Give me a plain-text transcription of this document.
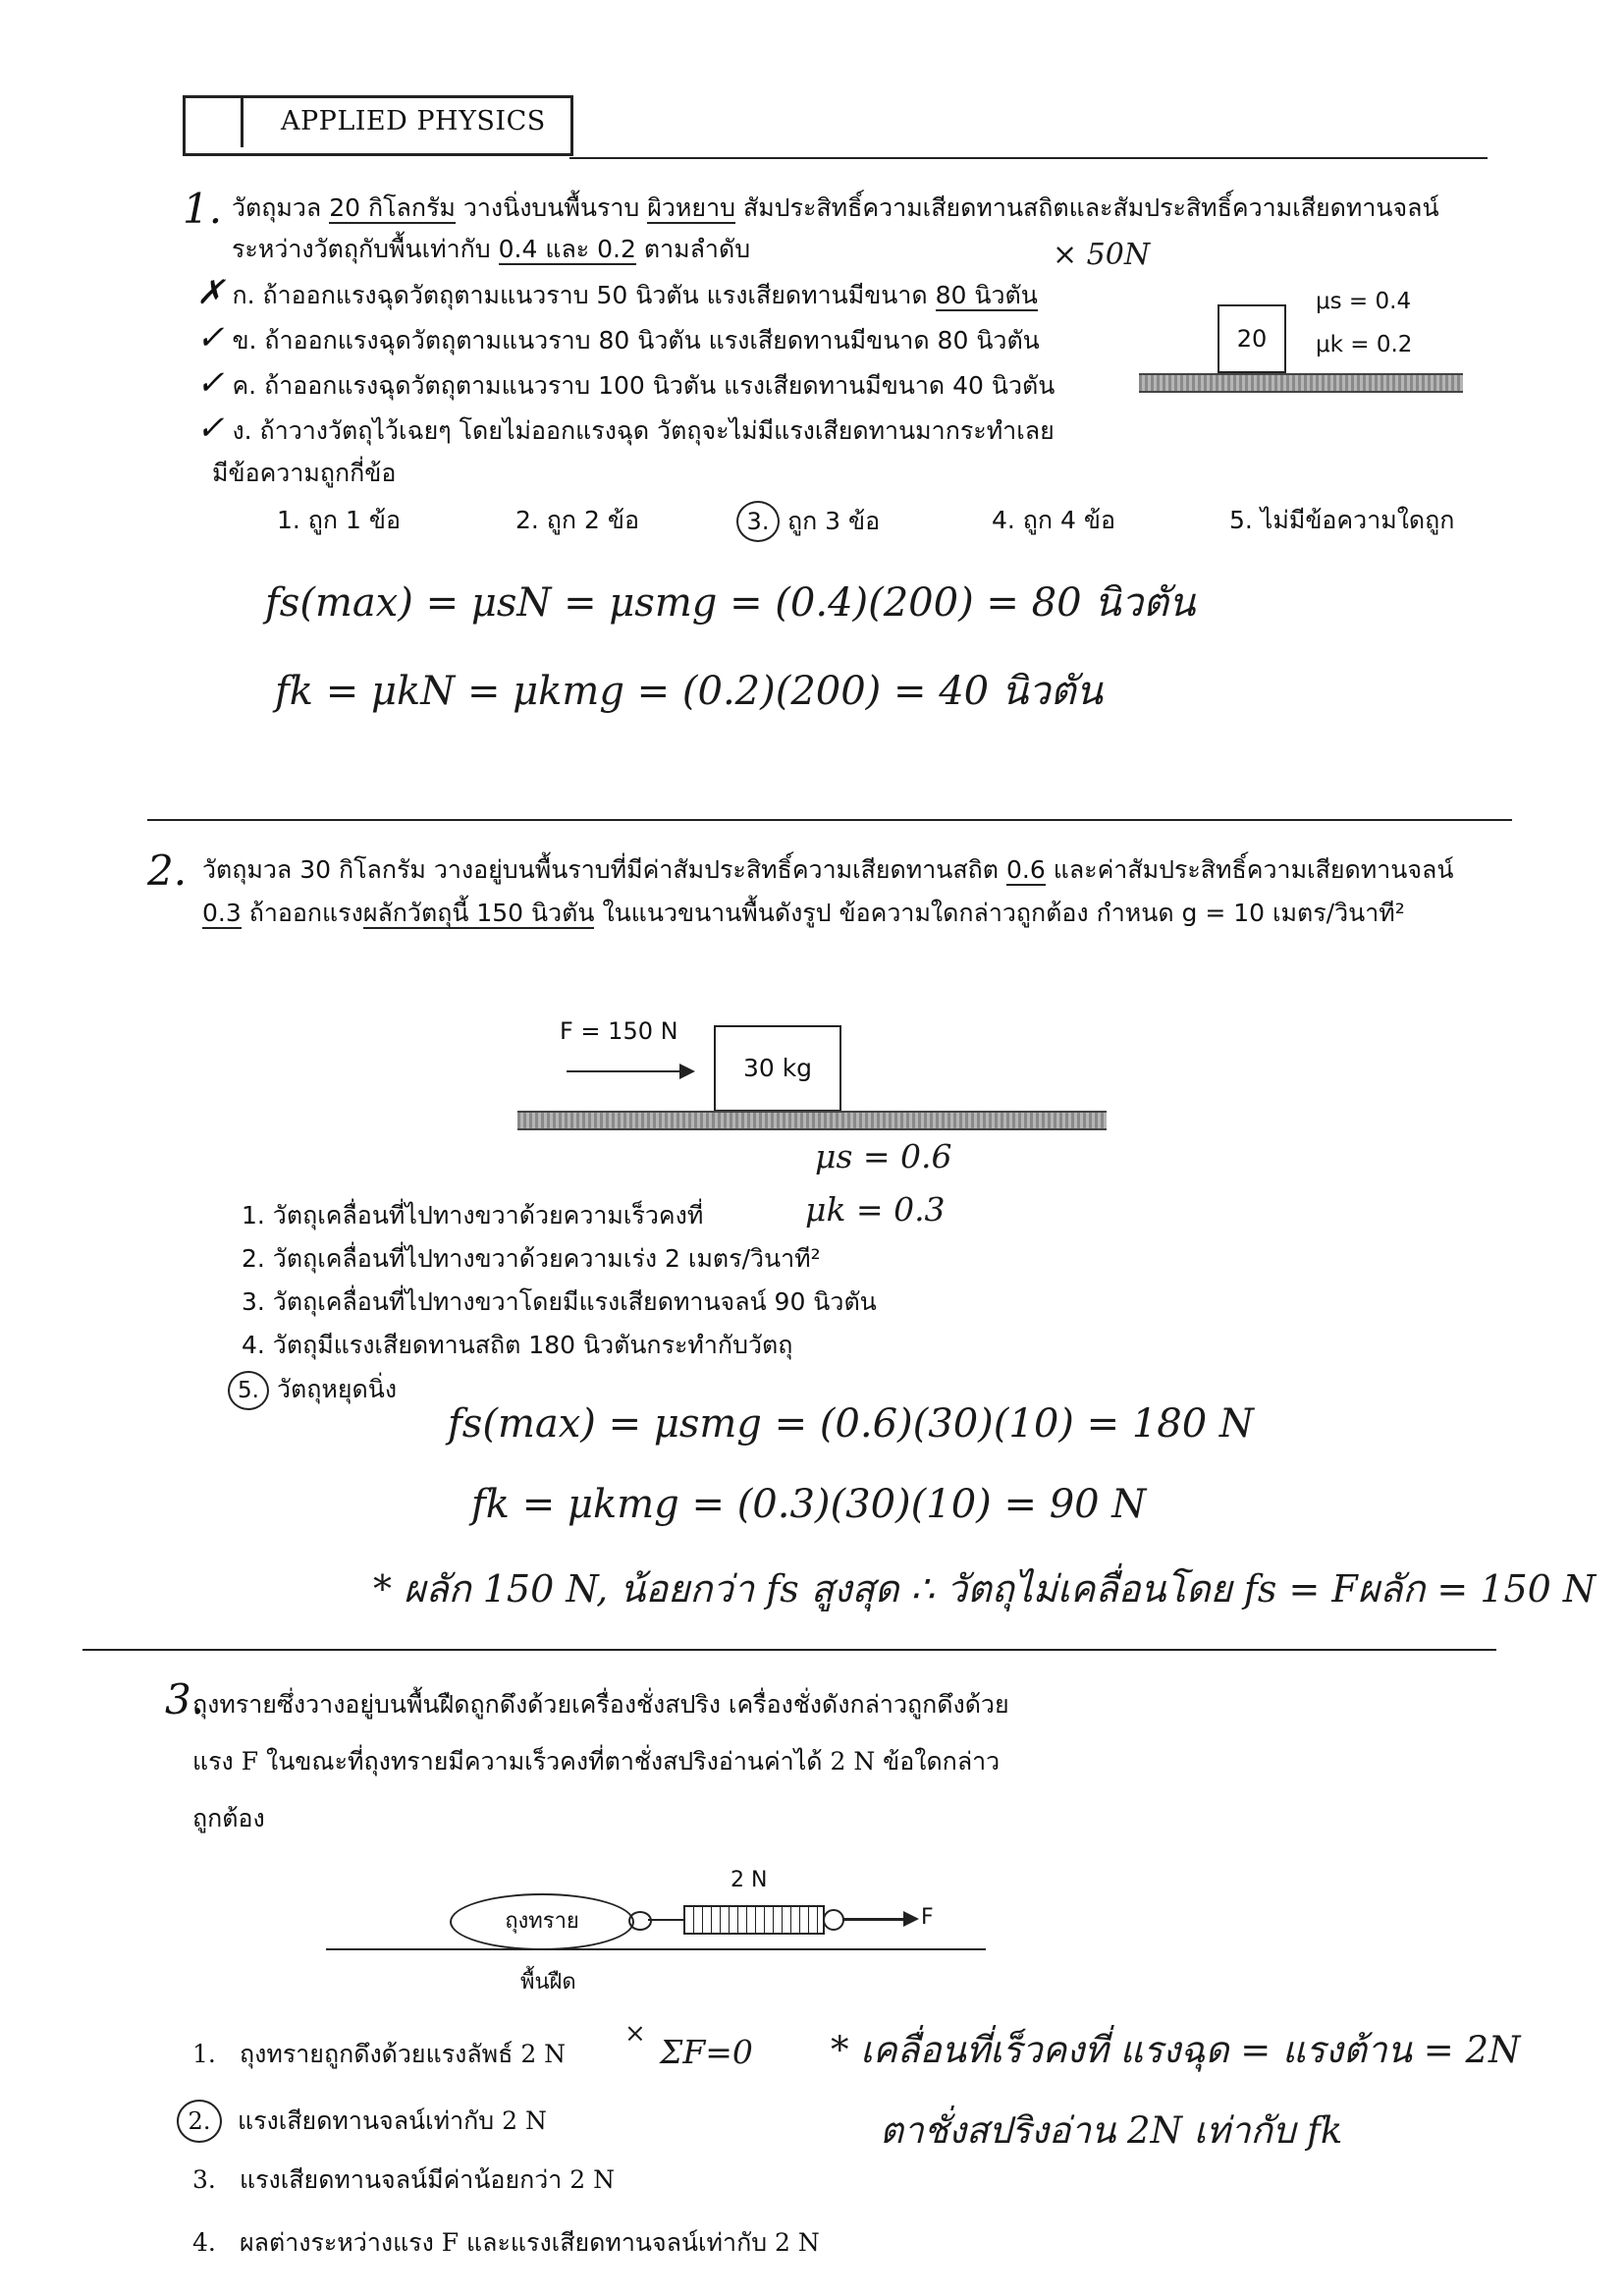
APPLIED PHYSICS
1. วัตถุมวล 20 กิโลกรัม วางนิ่งบนพื้นราบ ผิวหยาบ สัมประสิทธิ์ความเสียดทานสถิตและสัมประสิทธิ์ความเสียดทานจลน์
ระหว่างวัตถุกับพื้นเท่ากับ 0.4 และ 0.2 ตามลำดับ	× 50N
✗ ก. ถ้าออกแรงฉุดวัตถุตามแนวราบ 50 นิวตัน แรงเสียดทานมีขนาด 80 นิวตัน
✓ ข. ถ้าออกแรงฉุดวัตถุตามแนวราบ 80 นิวตัน แรงเสียดทานมีขนาด 80 นิวตัน
✓ ค. ถ้าออกแรงฉุดวัตถุตามแนวราบ 100 นิวตัน แรงเสียดทานมีขนาด 40 นิวตัน
✓ ง. ถ้าวางวัตถุไว้เฉยๆ โดยไม่ออกแรงฉุด วัตถุจะไม่มีแรงเสียดทานมากระทำเลย
มีข้อความถูกกี่ข้อ
1. ถูก 1 ข้อ	2. ถูก 2 ข้อ	3. ถูก 3 ข้อ	4. ถูก 4 ข้อ	5. ไม่มีข้อความใดถูก
20
μs = 0.4
μk = 0.2
fs(max) = μsN = μsmg = (0.4)(200) = 80 นิวตัน
fk = μkN = μkmg = (0.2)(200) = 40 นิวตัน
2. วัตถุมวล 30 กิโลกรัม วางอยู่บนพื้นราบที่มีค่าสัมประสิทธิ์ความเสียดทานสถิต 0.6 และค่าสัมประสิทธิ์ความเสียดทานจลน์
0.3 ถ้าออกแรงผลักวัตถุนี้ 150 นิวตัน ในแนวขนานพื้นดังรูป ข้อความใดกล่าวถูกต้อง กำหนด g = 10 เมตร/วินาที²
F = 150 N
30 kg
μs = 0.6
μk = 0.3
1. วัตถุเคลื่อนที่ไปทางขวาด้วยความเร็วคงที่
2. วัตถุเคลื่อนที่ไปทางขวาด้วยความเร่ง 2 เมตร/วินาที²
3. วัตถุเคลื่อนที่ไปทางขวาโดยมีแรงเสียดทานจลน์ 90 นิวตัน
4. วัตถุมีแรงเสียดทานสถิต 180 นิวตันกระทำกับวัตถุ
5. วัตถุหยุดนิ่ง
fs(max) = μsmg = (0.6)(30)(10) = 180 N
fk = μkmg = (0.3)(30)(10) = 90 N
* ผลัก 150 N, น้อยกว่า fs สูงสุด ∴ วัตถุไม่เคลื่อนโดย fs = Fผลัก = 150 N
3.
ถุงทรายซึ่งวางอยู่บนพื้นฝืดถูกดึงด้วยเครื่องชั่งสปริง เครื่องชั่งดังกล่าวถูกดึงด้วย
แรง F ในขณะที่ถุงทรายมีความเร็วคงที่ตาชั่งสปริงอ่านค่าได้ 2 N ข้อใดกล่าว
ถูกต้อง
2 N
ถุงทราย	F
พื้นฝืด
1. ถุงทรายถูกดึงด้วยแรงลัพธ์ 2 N
× ΣF=0
2. แรงเสียดทานจลน์เท่ากับ 2 N
3. แรงเสียดทานจลน์มีค่าน้อยกว่า 2 N
4. ผลต่างระหว่างแรง F และแรงเสียดทานจลน์เท่ากับ 2 N
* เคลื่อนที่เร็วคงที่ แรงฉุด = แรงต้าน = 2N
ตาชั่งสปริงอ่าน 2N เท่ากับ fk
